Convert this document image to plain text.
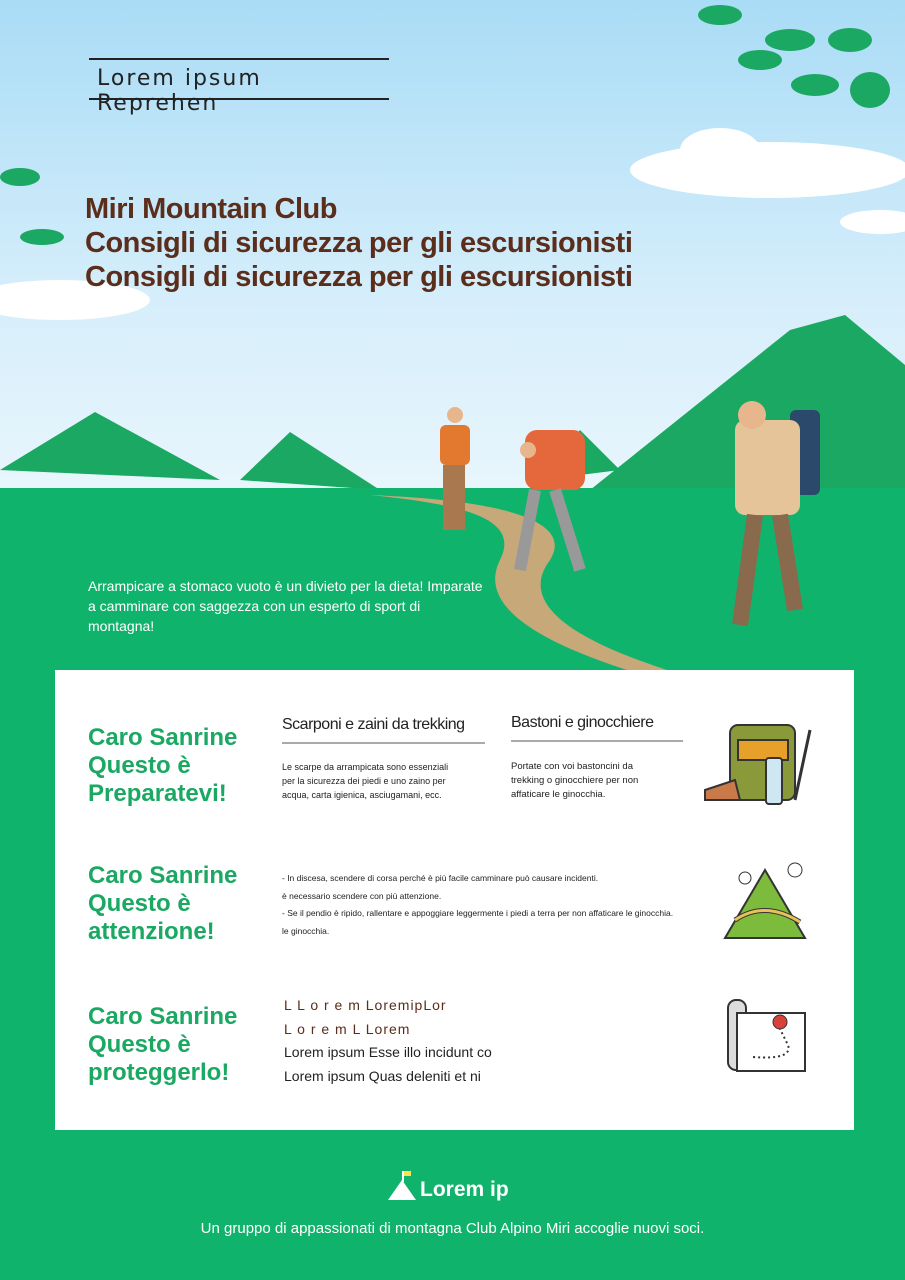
Lorem ipsum Reprehen
Miri Mountain Club
Consigli di sicurezza per gli escursionisti
Consigli di sicurezza per gli escursionisti
Arrampicare a stomaco vuoto è un divieto per la dieta! Imparate a camminare con saggezza con un esperto di sport di montagna!
Caro Sanrine Questo è Preparatevi!
Scarponi e zaini da trekking
Le scarpe da arrampicata sono essenziali per la sicurezza dei piedi e uno zaino per acqua, carta igienica, asciugamani, ecc.
Bastoni e ginocchiere
Portate con voi bastoncini da trekking o ginocchiere per non affaticare le ginocchia.
Caro Sanrine Questo è attenzione!
- In discesa, scendere di corsa perché è più facile camminare può causare incidenti.
è necessario scendere con più attenzione.
- Se il pendio è ripido, rallentare e appoggiare leggermente i piedi a terra per non affaticare le ginocchia.
le ginocchia.
Caro Sanrine Questo è proteggerlo!
L L o r e m LoremipLor
L o r e m L Lorem
Lorem ipsum Esse illo incidunt co
Lorem ipsum Quas deleniti et ni
Lorem ip
Un gruppo di appassionati di montagna Club Alpino Miri accoglie nuovi soci.
